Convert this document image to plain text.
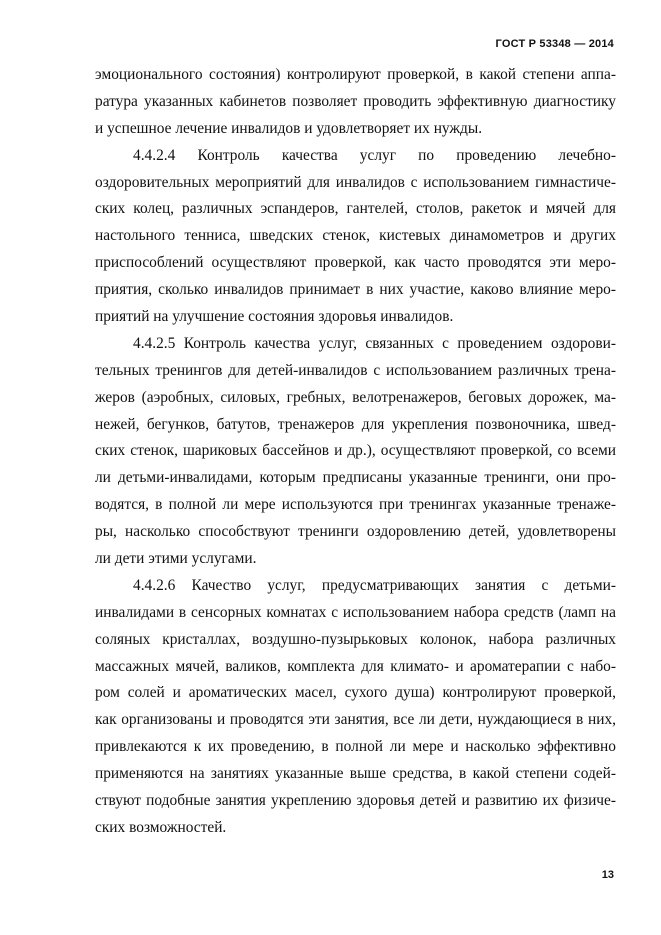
ГОСТ Р 53348 — 2014
эмоционального состояния) контролируют проверкой, в какой степени аппа-
ратура указанных кабинетов позволяет проводить эффективную диагностику
и успешное лечение инвалидов и удовлетворяет их нужды.
4.4.2.4 Контроль качества услуг по проведению лечебно-
оздоровительных мероприятий для инвалидов с использованием гимнастиче-
ских колец, различных эспандеров, гантелей, столов, ракеток и мячей для
настольного тенниса, шведских стенок, кистевых динамометров и других
приспособлений осуществляют проверкой, как часто проводятся эти меро-
приятия, сколько инвалидов принимает в них участие, каково влияние меро-
приятий на улучшение состояния здоровья инвалидов.
4.4.2.5 Контроль качества услуг, связанных с проведением оздорови-
тельных тренингов для детей-инвалидов с использованием различных трена-
жеров (аэробных, силовых, гребных, велотренажеров, беговых дорожек, ма-
нежей, бегунков, батутов, тренажеров для укрепления позвоночника, швед-
ских стенок, шариковых бассейнов и др.), осуществляют проверкой, со всеми
ли детьми-инвалидами, которым предписаны указанные тренинги, они про-
водятся, в полной ли мере используются при тренингах указанные тренаже-
ры, насколько способствуют тренинги оздоровлению детей, удовлетворены
ли дети этими услугами.
4.4.2.6 Качество услуг, предусматривающих занятия с детьми-
инвалидами в сенсорных комнатах с использованием набора средств (ламп на
соляных кристаллах, воздушно-пузырьковых колонок, набора различных
массажных мячей, валиков, комплекта для климато- и ароматерапии с набо-
ром солей и ароматических масел, сухого душа) контролируют проверкой,
как организованы и проводятся эти занятия, все ли дети, нуждающиеся в них,
привлекаются к их проведению, в полной ли мере и насколько эффективно
применяются на занятиях указанные выше средства, в какой степени содей-
ствуют подобные занятия укреплению здоровья детей и развитию их физиче-
ских возможностей.
13
